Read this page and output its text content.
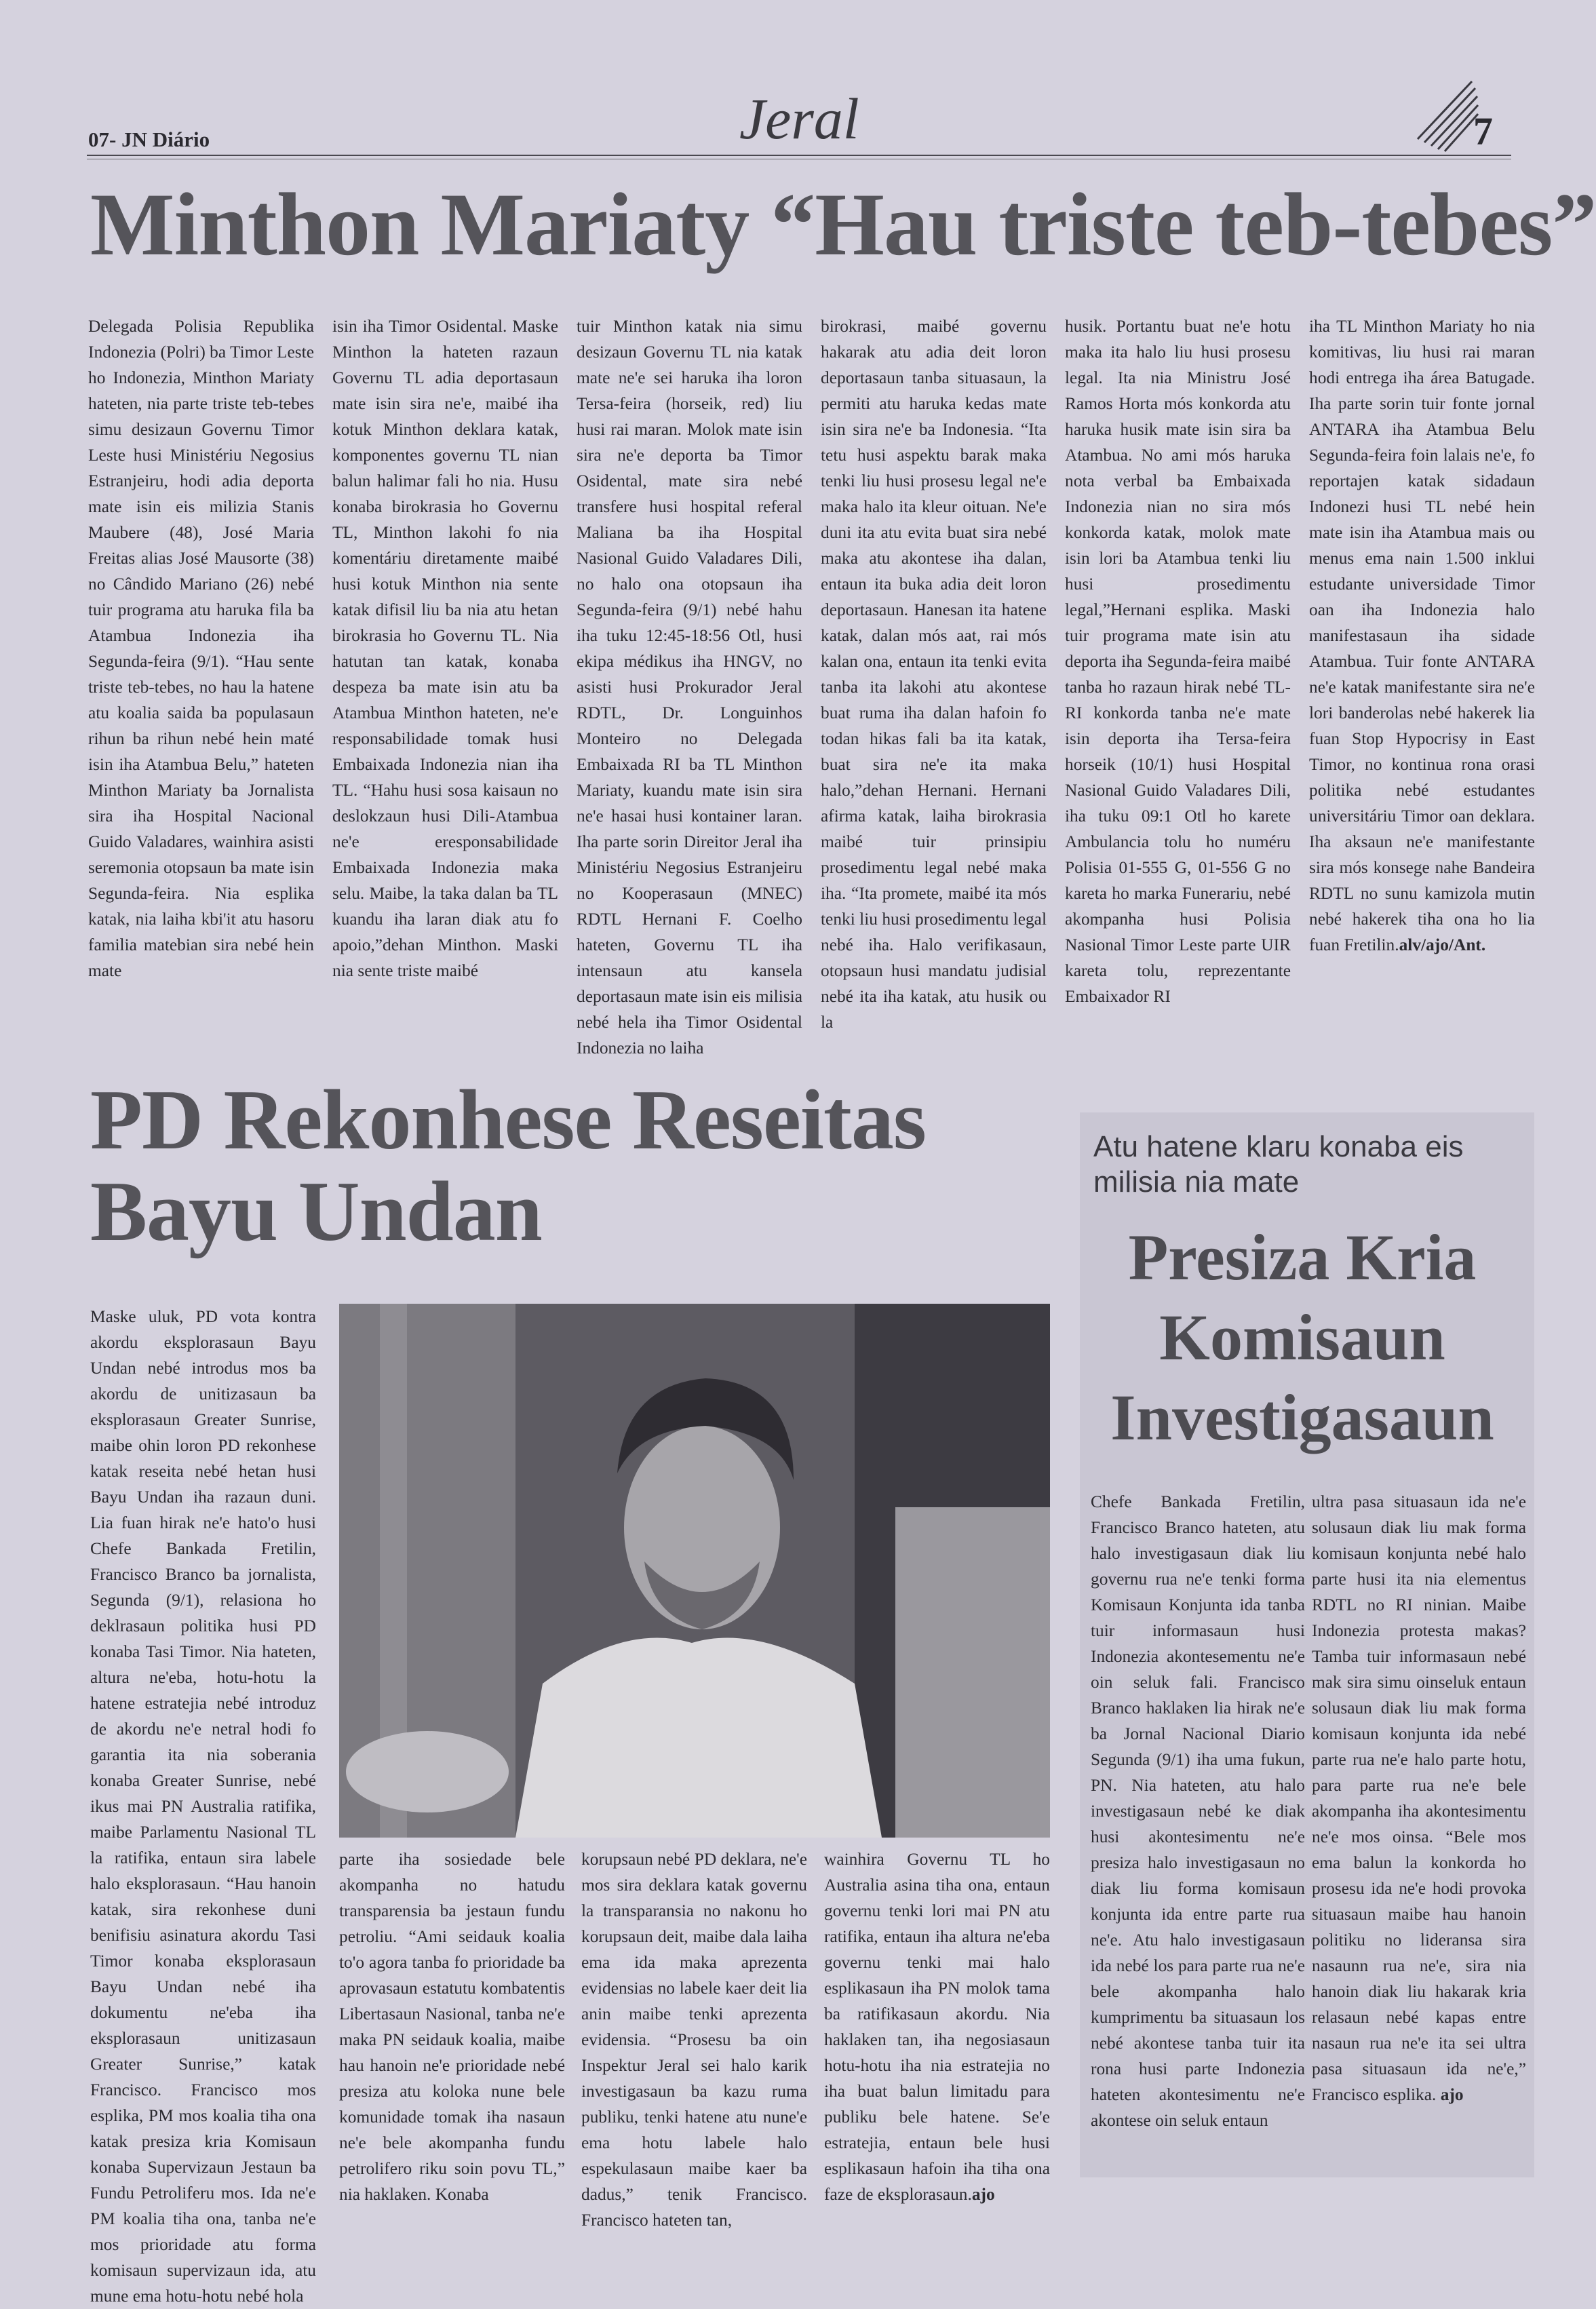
07- JN Diário	Jeral	7
Minthon Mariaty “Hau triste teb-tebes”

Delegada Polisia Republika Indonezia (Polri) ba Timor Leste ho Indonezia, Minthon Mariaty hateten, nia parte triste teb-tebes simu desizaun Governu Timor Leste husi Ministériu Negosius Estranjeiru, hodi adia deporta mate isin eis milizia Stanis Maubere (48), José Maria Freitas alias José Mausorte (38) no Cândido Mariano (26) nebé tuir programa atu haruka fila ba Atambua Indonezia iha Segunda-feira (9/1). “Hau sente triste teb-tebes, no hau la hatene atu koalia saida ba populasaun rihun ba rihun nebé hein maté isin iha Atambua Belu,” hateten Minthon Mariaty ba Jornalista sira iha Hospital Nacional Guido Valadares, wainhira asisti seremonia otopsaun ba mate isin Segunda-feira. Nia esplika katak, nia laiha kbi'it atu hasoru familia matebian sira nebé hein mate

isin iha Timor Osidental. Maske Minthon la hateten razaun Governu TL adia deportasaun mate isin sira ne'e, maibé iha kotuk Minthon deklara katak, komponentes governu TL nian balun halimar fali ho nia. Husu konaba birokrasia ho Governu TL, Minthon lakohi fo nia komentáriu diretamente maibé husi kotuk Minthon nia sente katak difisil liu ba nia atu hetan birokrasia ho Governu TL. Nia hatutan tan katak, konaba despeza ba mate isin atu ba Atambua Minthon hateten, ne'e responsabilidade tomak husi Embaixada Indonezia nian iha TL. “Hahu husi sosa kaisaun no deslokzaun husi Dili-Atambua ne'e eresponsabilidade Embaixada Indonezia maka selu. Maibe, la taka dalan ba TL kuandu iha laran diak atu fo apoio,”dehan Minthon. Maski nia sente triste maibé

tuir Minthon katak nia simu desizaun Governu TL nia katak mate ne'e sei haruka iha loron Tersa-feira (horseik, red) liu husi rai maran. Molok mate isin sira ne'e deporta ba Timor Osidental, mate sira nebé transfere husi hospital referal Maliana ba iha Hospital Nasional Guido Valadares Dili, no halo ona otopsaun iha Segunda-feira (9/1) nebé hahu iha tuku 12:45-18:56 Otl, husi ekipa médikus iha HNGV, no asisti husi Prokurador Jeral RDTL, Dr. Longuinhos Monteiro no Delegada Embaixada RI ba TL Minthon Mariaty, kuandu mate isin sira ne'e hasai husi kontainer laran. Iha parte sorin Direitor Jeral iha Ministériu Negosius Estranjeiru no Kooperasaun (MNEC) RDTL Hernani F. Coelho hateten, Governu TL iha intensaun atu kansela deportasaun mate isin eis milisia nebé hela iha Timor Osidental Indonezia no laiha

birokrasi, maibé governu hakarak atu adia deit loron deportasaun tanba situasaun, la permiti atu haruka kedas mate isin sira ne'e ba Indonesia. “Ita tetu husi aspektu barak maka tenki liu husi prosesu legal ne'e maka halo ita kleur oituan. Ne'e duni ita atu evita buat sira nebé maka atu akontese iha dalan, entaun ita buka adia deit loron deportasaun. Hanesan ita hatene katak, dalan mós aat, rai mós kalan ona, entaun ita tenki evita tanba ita lakohi atu akontese buat ruma iha dalan hafoin fo todan hikas fali ba ita katak, buat sira ne'e ita maka halo,”dehan Hernani. Hernani afirma katak, laiha birokrasia maibé tuir prinsipiu prosedimentu legal nebé maka iha. “Ita promete, maibé ita mós tenki liu husi prosedimentu legal nebé iha. Halo verifikasaun, otopsaun husi mandatu judisial nebé ita iha katak, atu husik ou la

husik. Portantu buat ne'e hotu maka ita halo liu husi prosesu legal. Ita nia Ministru José Ramos Horta mós konkorda atu haruka husik mate isin sira ba Atambua. No ami mós haruka nota verbal ba Embaixada Indonezia nian no sira mós konkorda katak, molok mate isin lori ba Atambua tenki liu husi prosedimentu legal,”Hernani esplika. Maski tuir programa mate isin atu deporta iha Segunda-feira maibé tanba ho razaun hirak nebé TL-RI konkorda tanba ne'e mate isin deporta iha Tersa-feira horseik (10/1) husi Hospital Nasional Guido Valadares Dili, iha tuku 09:1 Otl ho karete Ambulancia tolu ho numéru Polisia 01-555 G, 01-556 G no kareta ho marka Funerariu, nebé akompanha husi Polisia Nasional Timor Leste parte UIR kareta tolu, reprezentante Embaixador RI

iha TL Minthon Mariaty ho nia komitivas, liu husi rai maran hodi entrega iha área Batugade. Iha parte sorin tuir fonte jornal ANTARA iha Atambua Belu Segunda-feira foin lalais ne'e, fo reportajen katak sidadaun Indonezi husi TL nebé hein mate isin iha Atambua mais ou menus ema nain 1.500 inklui estudante universidade Timor oan iha Indonezia halo manifestasaun iha sidade Atambua. Tuir fonte ANTARA ne'e katak manifestante sira ne'e lori banderolas nebé hakerek lia fuan Stop Hypocrisy in East Timor, no kontinua rona orasi politika nebé estudantes universitáriu Timor oan deklara. Iha aksaun ne'e manifestante sira mós konsege nahe Bandeira RDTL no sunu kamizola mutin nebé hakerek tiha ona ho lia fuan Fretilin.alv/ajo/Ant.

PD Rekonhese Reseitas
Bayu Undan

Maske uluk, PD vota kontra akordu eksplorasaun Bayu Undan nebé introdus mos ba akordu de unitizasaun ba eksplorasaun Greater Sunrise, maibe ohin loron PD rekonhese katak reseita nebé hetan husi Bayu Undan iha razaun duni. Lia fuan hirak ne'e hato'o husi Chefe Bankada Fretilin, Francisco Branco ba jornalista, Segunda (9/1), relasiona ho deklrasaun politika husi PD konaba Tasi Timor. Nia hateten, altura ne'eba, hotu-hotu la hatene estratejia nebé introduz de akordu ne'e netral hodi fo garantia ita nia soberania konaba Greater Sunrise, nebé ikus mai PN Australia ratifika, maibe Parlamentu Nasional TL la ratifika, entaun sira labele halo eksplorasaun. “Hau hanoin katak, sira rekonhese duni benifisiu asinatura akordu Tasi Timor konaba eksplorasaun Bayu Undan nebé iha dokumentu ne'eba iha eksplorasaun unitizasaun Greater Sunrise,” katak Francisco. Francisco mos esplika, PM mos koalia tiha ona katak presiza kria Komisaun konaba Supervizaun Jestaun ba Fundu Petroliferu mos. Ida ne'e PM koalia tiha ona, tanba ne'e mos prioridade atu forma komisaun supervizaun ida, atu mune ema hotu-hotu nebé hola

parte iha sosiedade bele akompanha no hatudu transparensia ba jestaun fundu petroliu. “Ami seidauk koalia to'o agora tanba fo prioridade ba aprovasaun estatutu kombatentis Libertasaun Nasional, tanba ne'e maka PN seidauk koalia, maibe hau hanoin ne'e prioridade nebé presiza atu koloka nune bele komunidade tomak iha nasaun ne'e bele akompanha fundu petrolifero riku soin povu TL,” nia haklaken. Konaba

korupsaun nebé PD deklara, ne'e mos sira deklara katak governu la transparansia no nakonu ho korupsaun deit, maibe dala laiha ema ida maka aprezenta evidensias no labele kaer deit lia anin maibe tenki aprezenta evidensia. “Prosesu ba oin Inspektur Jeral sei halo karik investigasaun ba kazu ruma publiku, tenki hatene atu nune'e ema hotu labele halo espekulasaun maibe kaer ba dadus,” tenik Francisco. Francisco hateten tan,

wainhira Governu TL ho Australia asina tiha ona, entaun governu tenki lori mai PN atu ratifika, entaun iha altura ne'eba governu tenki mai halo esplikasaun iha PN molok tama ba ratifikasaun akordu. Nia haklaken tan, iha negosiasaun hotu-hotu iha nia estratejia no iha buat balun limitadu para publiku bele hatene. Se'e estratejia, entaun bele husi esplikasaun hafoin iha tiha ona faze de eksplorasaun.ajo

Atu hatene klaru konaba eis milisia nia mate
Presiza Kria
Komisaun
Investigasaun

Chefe Bankada Fretilin, Francisco Branco hateten, atu halo investigasaun diak liu governu rua ne'e tenki forma Komisaun Konjunta ida tanba tuir informasaun husi Indonezia akontesementu ne'e oin seluk fali. Francisco Branco haklaken lia hirak ne'e ba Jornal Nacional Diario Segunda (9/1) iha uma fukun, PN. Nia hateten, atu halo investigasaun nebé ke diak husi akontesimentu ne'e presiza halo investigasaun no diak liu forma komisaun konjunta ida entre parte rua ne'e. Atu halo investigasaun ida nebé los para parte rua ne'e bele akompanha halo kumprimentu ba situasaun los nebé akontese tanba tuir ita rona husi parte Indonezia hateten akontesimentu ne'e akontese oin seluk entaun

ultra pasa situasaun ida ne'e solusaun diak liu mak forma komisaun konjunta nebé halo parte husi ita nia elementus RDTL no RI ninian. Maibe Indonezia protesta makas? Tamba tuir informasaun nebé mak sira simu oinseluk entaun solusaun diak liu mak forma komisaun konjunta ida nebé parte rua ne'e halo parte hotu, para parte rua ne'e bele akompanha iha akontesimentu ne'e mos oinsa. “Bele mos ema balun la konkorda ho prosesu ida ne'e hodi provoka situasaun maibe hau hanoin politiku no lideransa sira nasaunn rua ne'e, sira nia hanoin diak liu hakarak kria relasaun nebé kapas entre nasaun rua ne'e ita sei ultra pasa situasaun ida ne'e,” Francisco esplika. ajo
